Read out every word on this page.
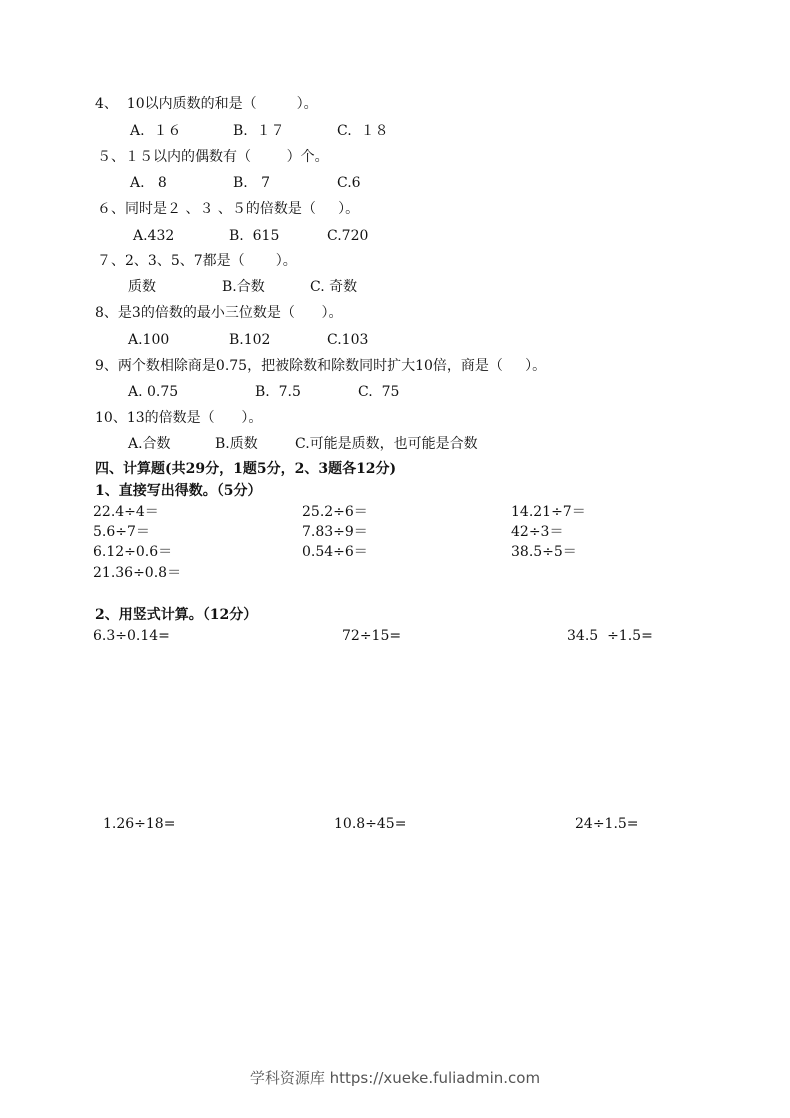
4、  10以内质数的和是（         ）。
A.  １６	B.  １７	C.  １８
５、１５以内的偶数有（        ）个。
A.   8	B.   7	C.6
６、同时是２ 、３ 、５的倍数是（     ）。
A.432	B.  615	C.720
７、2、3、5、7都是（       ）。
质数	B.合数	C. 奇数
8、是3的倍数的最小三位数是（      ）。
A.100	B.102	C.103
9、两个数相除商是0.75，把被除数和除数同时扩大10倍，商是（     ）。
A. 0.75	B.  7.5	C.  75
10、13的倍数是（      ）。
A.合数	B.质数	C.可能是质数，也可能是合数
四、计算题(共29分，1题5分，2、3题各12分)
1、直接写出得数。（5分）
22.4÷4＝	25.2÷6＝	14.21÷7＝
5.6÷7＝	7.83÷9＝	42÷3＝
6.12÷0.6＝	0.54÷6＝	38.5÷5＝
21.36÷0.8＝
2、用竖式计算。（12分）
6.3÷0.14=	72÷15=	34.5  ÷1.5=
1.26÷18=	10.8÷45=	24÷1.5=
学科资源库 https://xueke.fuliadmin.com
